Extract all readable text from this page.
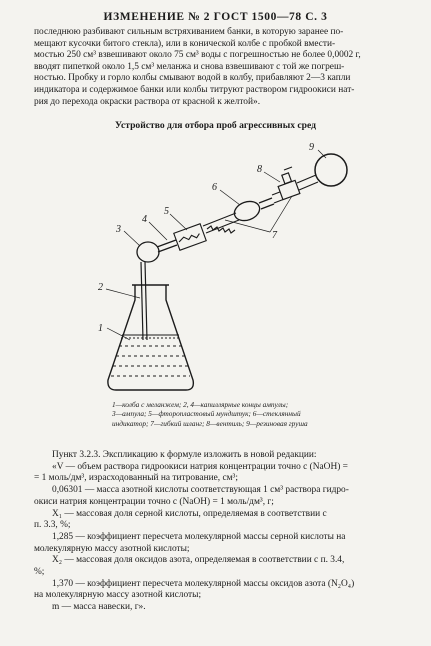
ИЗМЕНЕНИЕ № 2 ГОСТ 1500—78 С. 3
последнюю разбивают сильным встряхиванием банки, в которую заранее по-
мещают кусочки битого стекла), или в конической колбе с пробкой вмести-
мостью 250 см³ взвешивают около 75 см³ воды с погрешностью не более 0,0002 г,
вводят пипеткой около 1,5 см³ меланжа и снова взвешивают с той же погреш-
ностью. Пробку и горло колбы смывают водой в колбу, прибавляют 2—3 капли
индикатора и содержимое банки или колбы титруют раствором гидроокиси нат-
рия до перехода окраски раствора от красной к желтой».
Устройство для отбора проб агрессивных сред
1
2
3
4
5
6
7
8
9
1—колба с меланжем; 2, 4—капиллярные концы ампулы;
3—ампула; 5—фторопластовый мундштук; 6—стеклянный
индикатор; 7—гибкий шланг; 8—вентиль; 9—резиновая груша
Пункт 3.2.3. Экспликацию к формуле изложить в новой редакции:
«V — объем раствора гидроокиси натрия концентрации точно с (NaOH) =
= 1 моль/дм³, израсходованный на титрование, см³;
0,06301 — масса азотной кислоты соответствующая 1 см³ раствора гидро-
окиси натрия концентрации точно с (NaOH) = 1 моль/дм³, г;
X₁ — массовая доля серной кислоты, определяемая в соответствии с
п. 3.3, %;
1,285 — коэффициент пересчета молекулярной массы серной кислоты на
молекулярную массу азотной кислоты;
X₂ — массовая доля оксидов азота, определяемая в соответствии с п. 3.4,
%;
1,370 — коэффициент пересчета молекулярной массы оксидов азота (N₂O₄)
на молекулярную массу азотной кислоты;
m — масса навески, г».
